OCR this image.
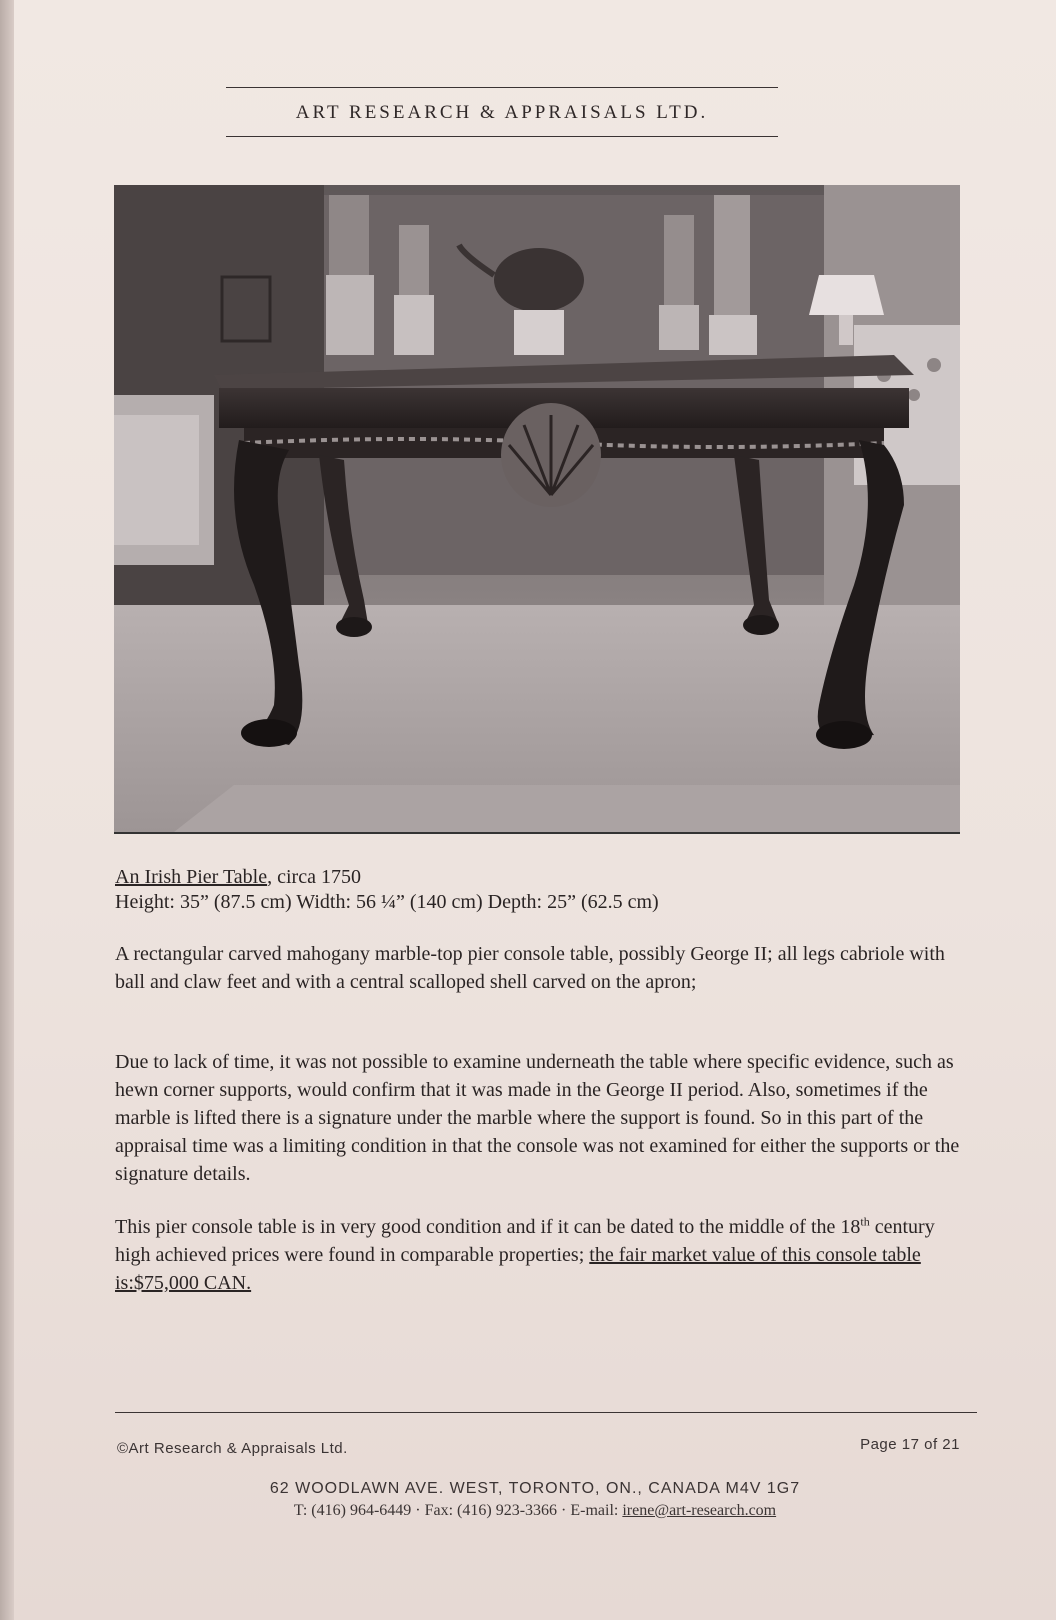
ART RESEARCH & APPRAISALS LTD.
An Irish Pier Table, circa 1750
Height: 35” (87.5 cm) Width: 56 ¼” (140 cm) Depth: 25” (62.5 cm)
A rectangular carved mahogany marble-top pier console table, possibly George II; all legs cabriole with ball and claw feet and with a central scalloped shell carved on the apron;
Due to lack of time, it was not possible to examine underneath the table where specific evidence, such as hewn corner supports, would confirm that it was made in the George II period. Also, sometimes if the marble is lifted there is a signature under the marble where the support is found. So in this part of the appraisal time was a limiting condition in that the console was not examined for either the supports or the signature details.
This pier console table is in very good condition and if it can be dated to the middle of the 18th century high achieved prices were found in comparable properties; the fair market value of this console table is:$75,000 CAN.
©Art Research & Appraisals Ltd.	Page 17 of 21
62 WOODLAWN AVE. WEST, TORONTO, ON., CANADA M4V 1G7
T: (416) 964-6449 · Fax: (416) 923-3366 · E-mail: irene@art-research.com
